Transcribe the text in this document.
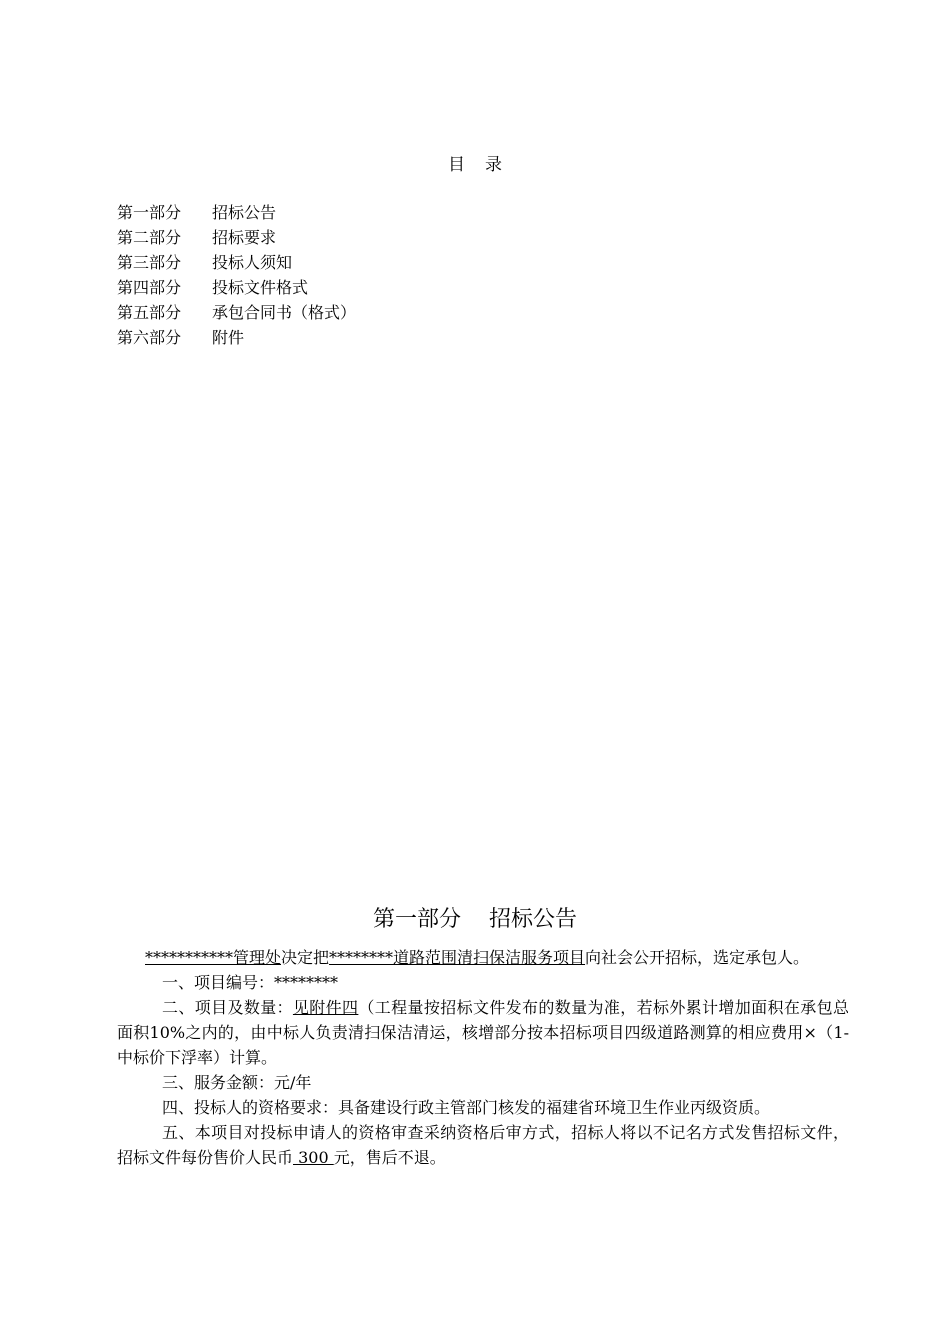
目 录
第一部分 招标公告
第二部分 招标要求
第三部分 投标人须知
第四部分 投标文件格式
第五部分 承包合同书（格式）
第六部分 附件
第一部分 招标公告

***********管理处决定把********道路范围清扫保洁服务项目向社会公开招标，选定承包人。

一、项目编号：********

二、项目及数量：见附件四（工程量按招标文件发布的数量为准，若标外累计增加面积在承包总面积10%之内的，由中标人负责清扫保洁清运，核增部分按本招标项目四级道路测算的相应费用×（1-中标价下浮率）计算。

三、服务金额：元/年

四、投标人的资格要求：具备建设行政主管部门核发的福建省环境卫生作业丙级资质。

五、本项目对投标申请人的资格审查采纳资格后审方式，招标人将以不记名方式发售招标文件，招标文件每份售价人民币 300 元，售后不退。
